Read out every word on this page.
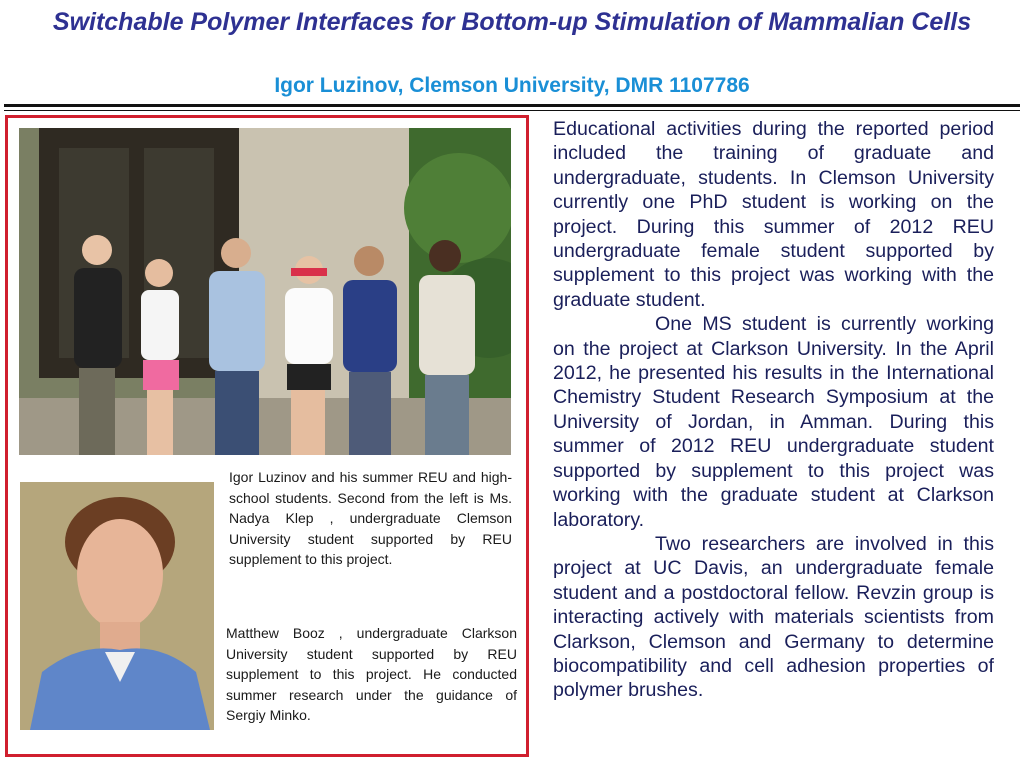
Switchable Polymer Interfaces for Bottom-up Stimulation of Mammalian Cells
Igor Luzinov, Clemson University, DMR 1107786
Igor Luzinov and his summer REU and high-school students. Second from the left is Ms. Nadya Klep , undergraduate Clemson University student supported by REU supplement to this project.
Matthew Booz , undergraduate Clarkson University student supported by REU supplement to this project. He conducted summer research under the guidance of Sergiy Minko.

Educational activities during the reported period included the training of graduate and undergraduate, students. In Clemson University currently one PhD student is working on the project. During this summer of 2012 REU undergraduate female student supported by supplement to this project was working with the graduate student.

One MS student is currently working on the project at Clarkson University. In the April 2012, he presented his results in the International Chemistry Student Research Symposium at the University of Jordan, in Amman. During this summer of 2012 REU undergraduate student supported by supplement to this project was working with the graduate student at Clarkson laboratory.

Two researchers are involved in this project at UC Davis, an undergraduate female student and a postdoctoral fellow. Revzin group is interacting actively with materials scientists from Clarkson, Clemson and Germany to determine biocompatibility and cell adhesion properties of polymer brushes.
